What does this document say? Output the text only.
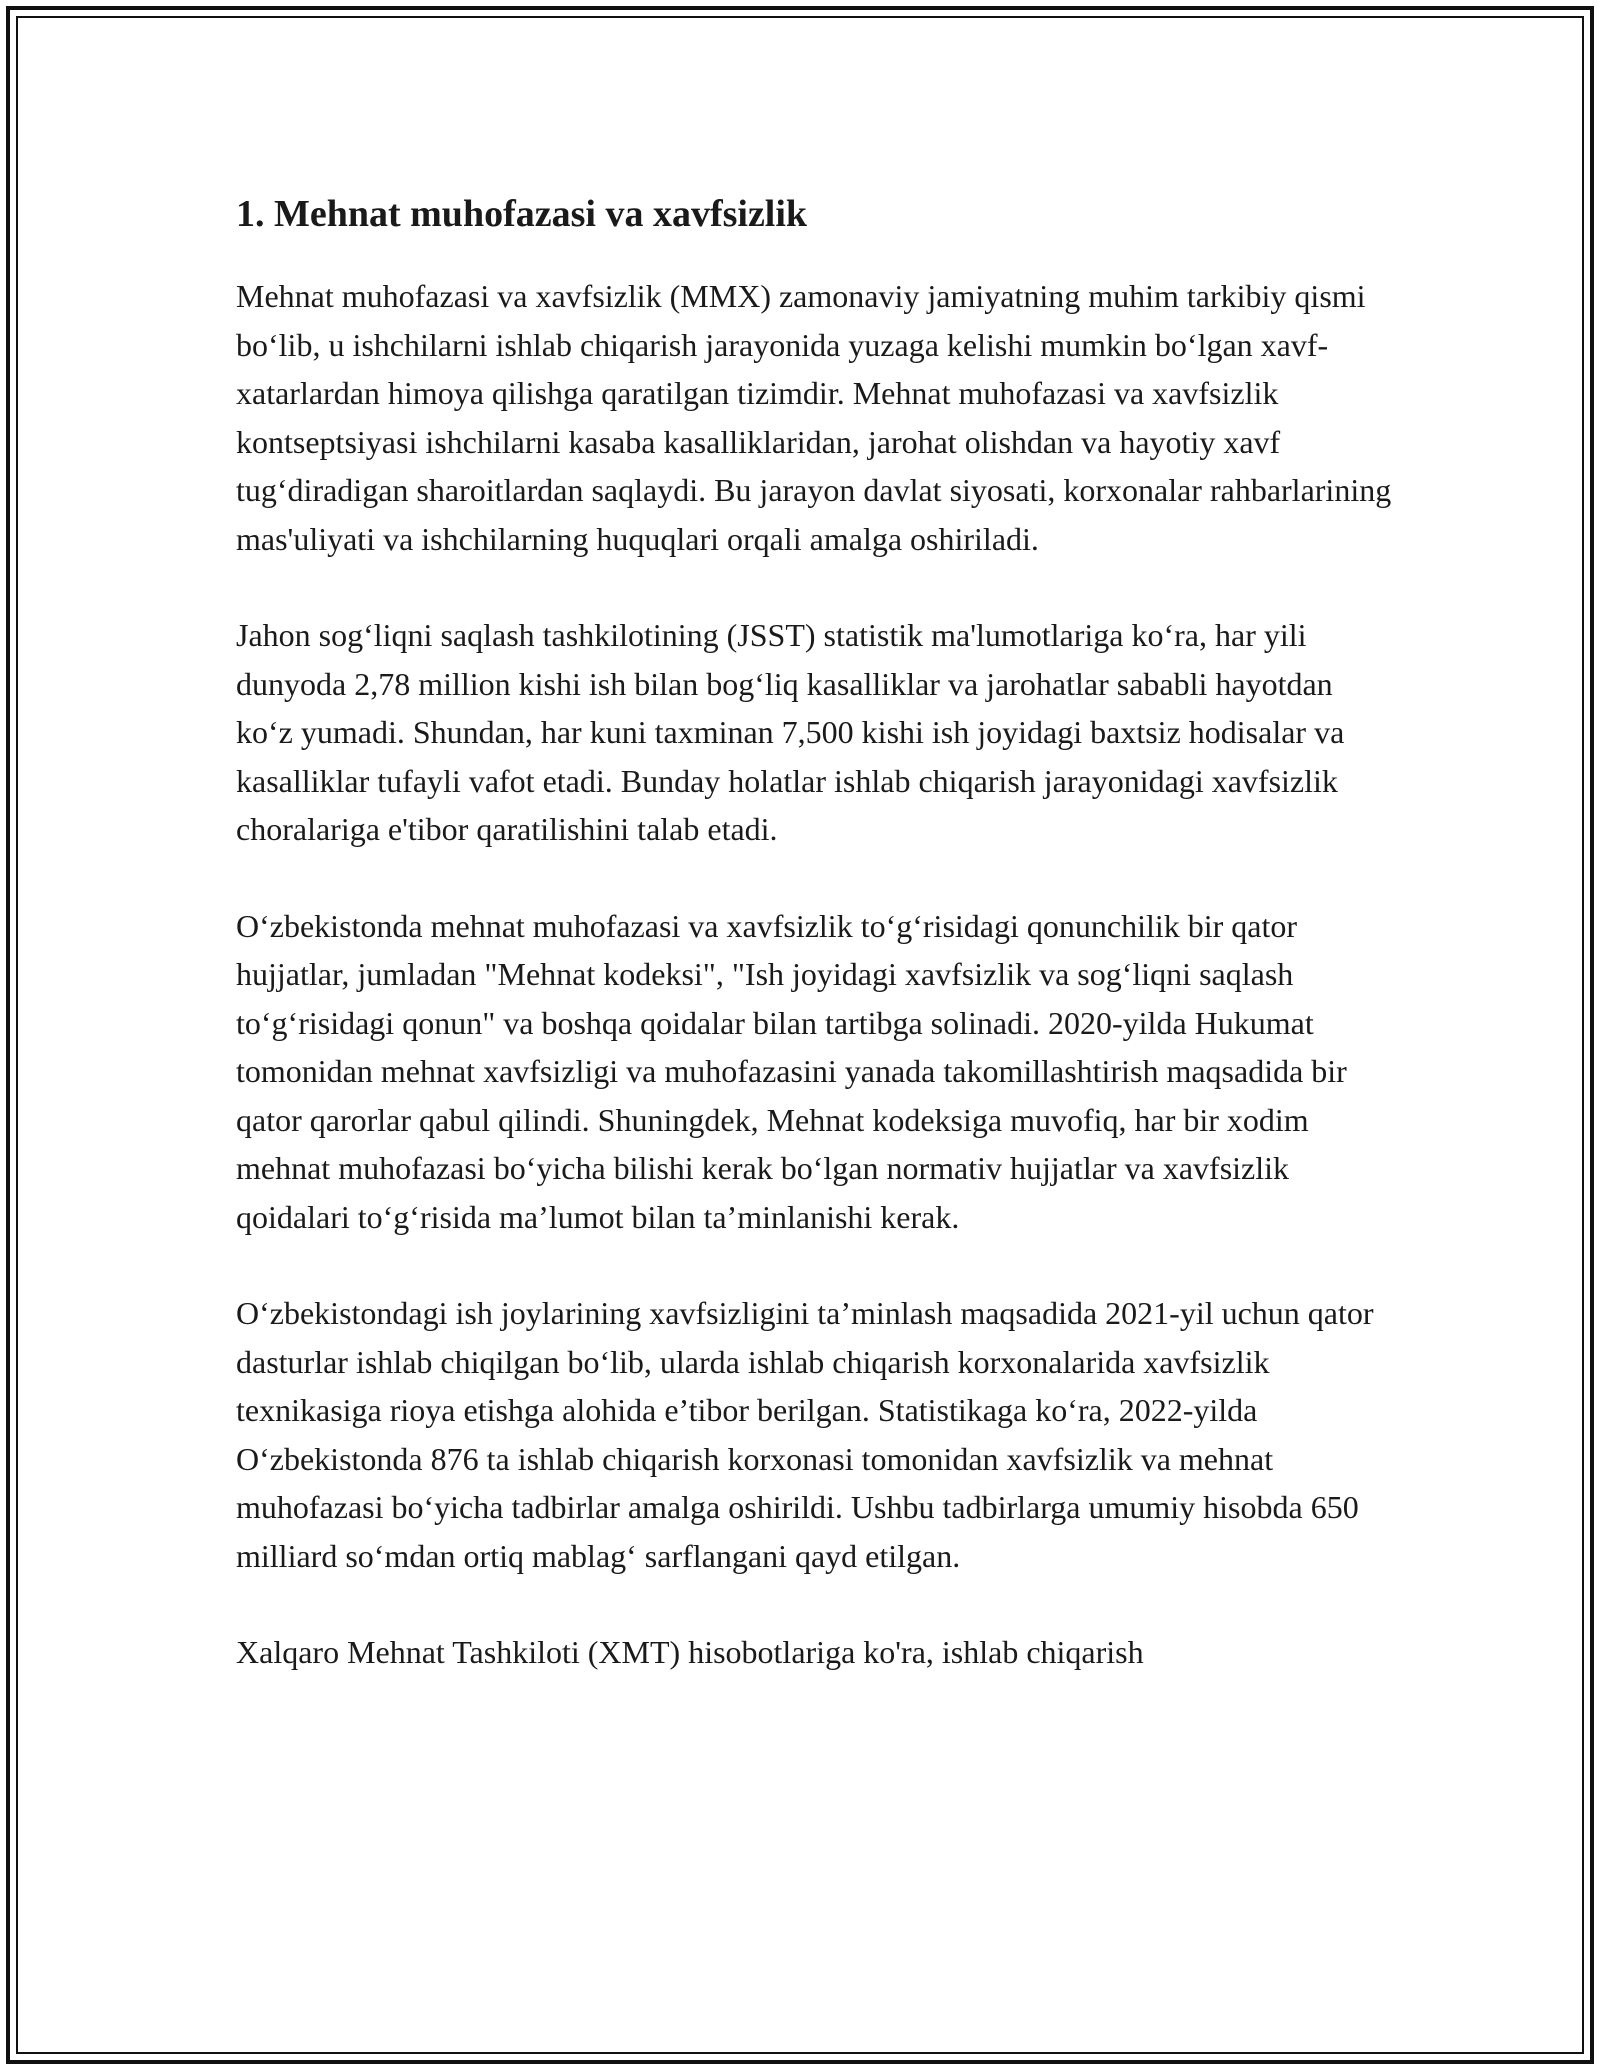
1. Mehnat muhofazasi va xavfsizlik

Mehnat muhofazasi va xavfsizlik (MMX) zamonaviy jamiyatning muhim tarkibiy qismi bo‘lib, u ishchilarni ishlab chiqarish jarayonida yuzaga kelishi mumkin bo‘lgan xavf-xatarlardan himoya qilishga qaratilgan tizimdir. Mehnat muhofazasi va xavfsizlik kontseptsiyasi ishchilarni kasaba kasalliklaridan, jarohat olishdan va hayotiy xavf tug‘diradigan sharoitlardan saqlaydi. Bu jarayon davlat siyosati, korxonalar rahbarlarining mas'uliyati va ishchilarning huquqlari orqali amalga oshiriladi.

Jahon sog‘liqni saqlash tashkilotining (JSST) statistik ma'lumotlariga ko‘ra, har yili dunyoda 2,78 million kishi ish bilan bog‘liq kasalliklar va jarohatlar sababli hayotdan ko‘z yumadi. Shundan, har kuni taxminan 7,500 kishi ish joyidagi baxtsiz hodisalar va kasalliklar tufayli vafot etadi. Bunday holatlar ishlab chiqarish jarayonidagi xavfsizlik choralariga e'tibor qaratilishini talab etadi.

O‘zbekistonda mehnat muhofazasi va xavfsizlik to‘g‘risidagi qonunchilik bir qator hujjatlar, jumladan "Mehnat kodeksi", "Ish joyidagi xavfsizlik va sog‘liqni saqlash to‘g‘risidagi qonun" va boshqa qoidalar bilan tartibga solinadi. 2020-yilda Hukumat tomonidan mehnat xavfsizligi va muhofazasini yanada takomillashtirish maqsadida bir qator qarorlar qabul qilindi. Shuningdek, Mehnat kodeksiga muvofiq, har bir xodim mehnat muhofazasi bo‘yicha bilishi kerak bo‘lgan normativ hujjatlar va xavfsizlik qoidalari to‘g‘risida ma’lumot bilan ta’minlanishi kerak.

O‘zbekistondagi ish joylarining xavfsizligini ta’minlash maqsadida 2021-yil uchun qator dasturlar ishlab chiqilgan bo‘lib, ularda ishlab chiqarish korxonalarida xavfsizlik texnikasiga rioya etishga alohida e’tibor berilgan. Statistikaga ko‘ra, 2022-yilda O‘zbekistonda 876 ta ishlab chiqarish korxonasi tomonidan xavfsizlik va mehnat muhofazasi bo‘yicha tadbirlar amalga oshirildi. Ushbu tadbirlarga umumiy hisobda 650 milliard so‘mdan ortiq mablag‘ sarflangani qayd etilgan.

Xalqaro Mehnat Tashkiloti (XMT) hisobotlariga ko'ra, ishlab chiqarish
